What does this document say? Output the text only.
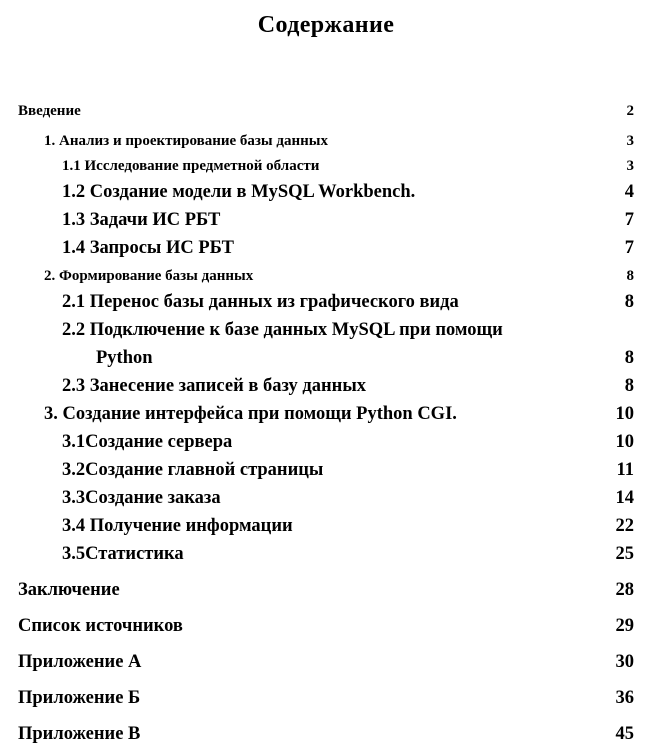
Содержание
Введение	2
1. Анализ и проектирование базы данных	3
1.1 Исследование предметной области	3
1.2 Создание модели в MySQL Workbench.	4
1.3 Задачи ИС РБТ	7
1.4 Запросы ИС РБТ	7
2. Формирование базы данных	8
2.1 Перенос базы данных из графического вида	8
2.2 Подключение к базе данных MySQL при помощи
Python	8
2.3 Занесение записей в базу данных	8
3. Создание интерфейса при помощи Python CGI.	10
3.1Создание сервера	10
3.2Создание главной страницы	11
3.3Создание заказа	14
3.4 Получение информации	22
3.5Статистика	25
Заключение	28
Список источников	29
Приложение А	30
Приложение Б	36
Приложение В	45
